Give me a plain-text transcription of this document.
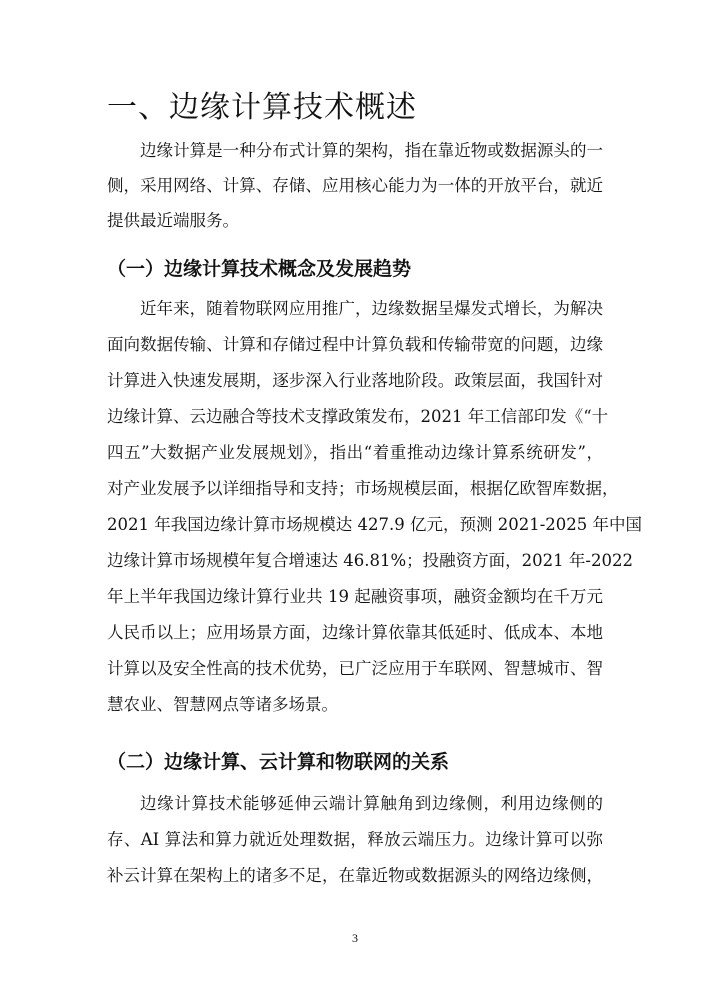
一、边缘计算技术概述
边缘计算是一种分布式计算的架构，指在靠近物或数据源头的一
侧，采用网络、计算、存储、应用核心能力为一体的开放平台，就近
提供最近端服务。
（一）边缘计算技术概念及发展趋势
近年来，随着物联网应用推广，边缘数据呈爆发式增长，为解决
面向数据传输、计算和存储过程中计算负载和传输带宽的问题，边缘
计算进入快速发展期，逐步深入行业落地阶段。政策层面，我国针对
边缘计算、云边融合等技术支撑政策发布，2021 年工信部印发《“十
四五”大数据产业发展规划》，指出“着重推动边缘计算系统研发”，
对产业发展予以详细指导和支持；市场规模层面，根据亿欧智库数据，
2021 年我国边缘计算市场规模达 427.9 亿元，预测 2021-2025 年中国
边缘计算市场规模年复合增速达 46.81%；投融资方面，2021 年-2022
年上半年我国边缘计算行业共 19 起融资事项，融资金额均在千万元
人民币以上；应用场景方面，边缘计算依靠其低延时、低成本、本地
计算以及安全性高的技术优势，已广泛应用于车联网、智慧城市、智
慧农业、智慧网点等诸多场景。
（二）边缘计算、云计算和物联网的关系
边缘计算技术能够延伸云端计算触角到边缘侧，利用边缘侧的
存、AI 算法和算力就近处理数据，释放云端压力。边缘计算可以弥
补云计算在架构上的诸多不足，在靠近物或数据源头的网络边缘侧，
3
